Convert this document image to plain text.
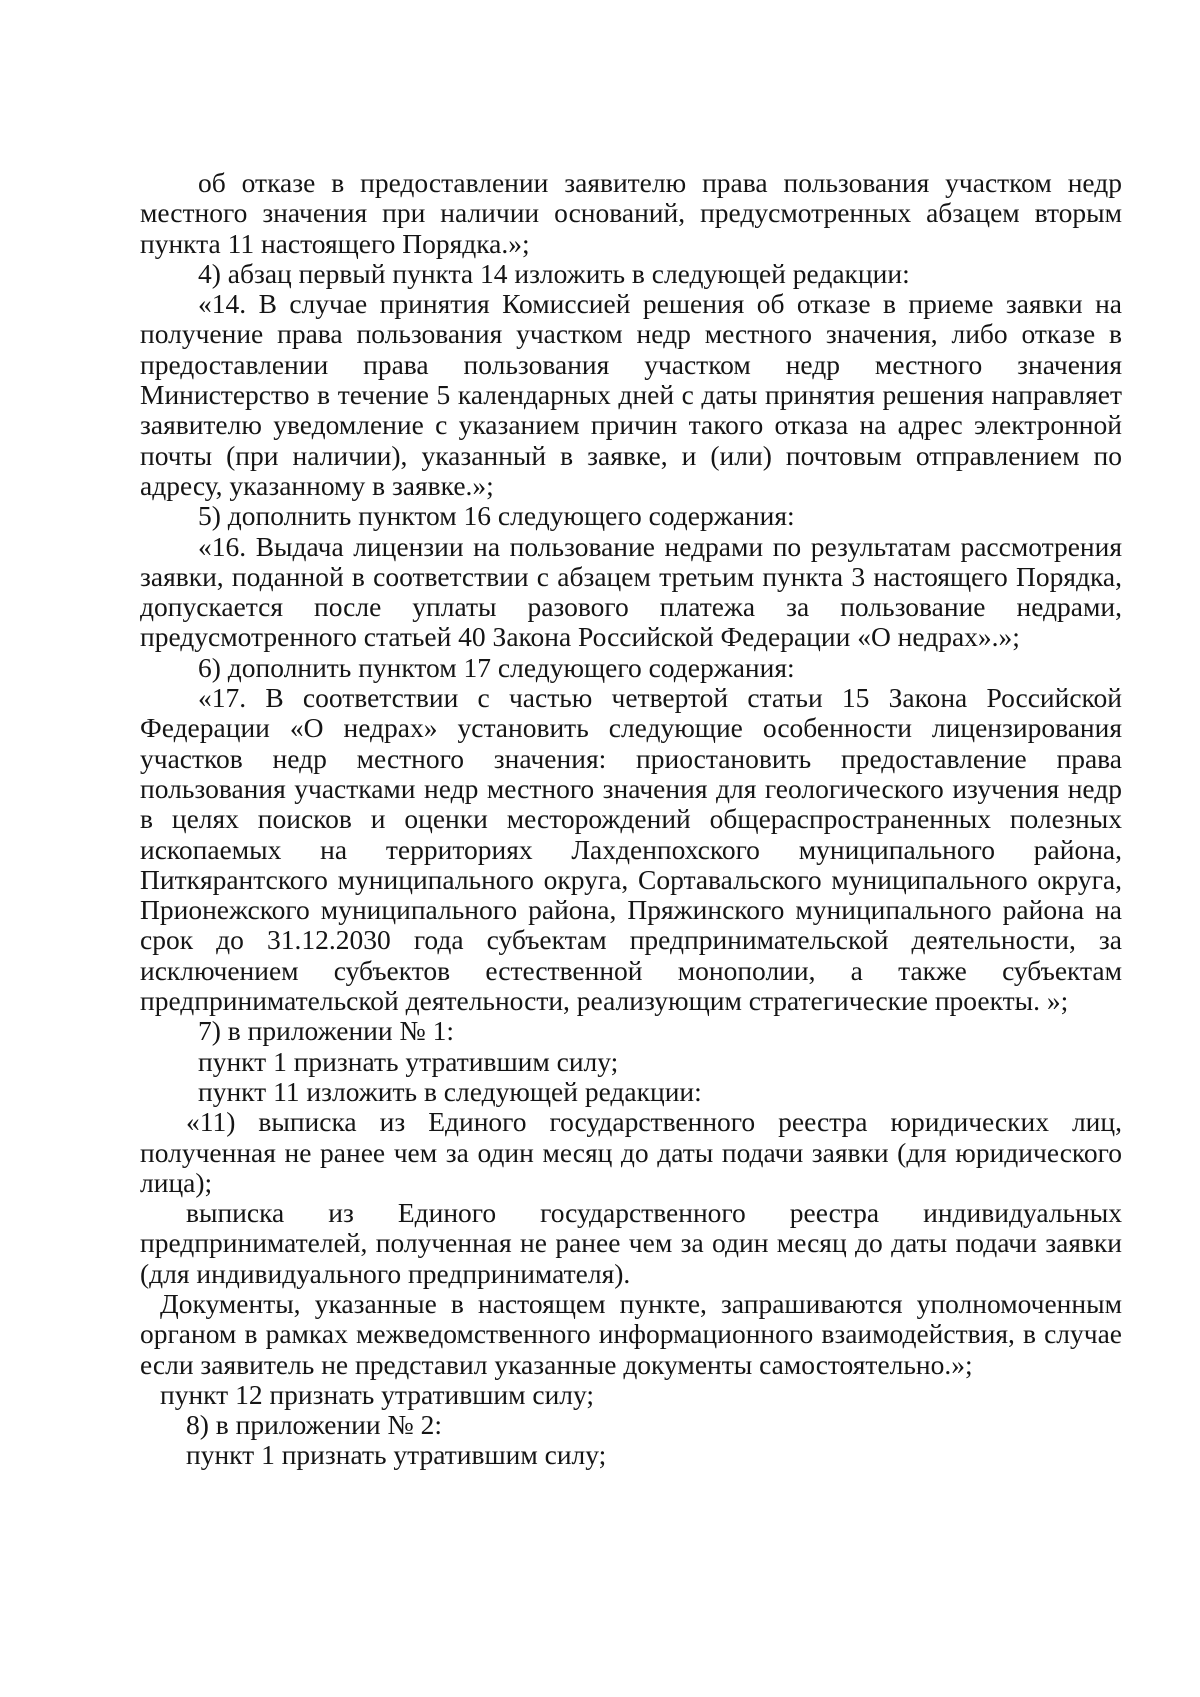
об отказе в предоставлении заявителю права пользования участком недр местного значения при наличии оснований, предусмотренных абзацем вторым пункта 11 настоящего Порядка.»;

4) абзац первый пункта 14 изложить в следующей редакции:

«14. В случае принятия Комиссией решения об отказе в приеме заявки на получение права пользования участком недр местного значения, либо отказе в предоставлении права пользования участком недр местного значения Министерство в течение 5 календарных дней с даты принятия решения направляет заявителю уведомление с указанием причин такого отказа на адрес электронной почты (при наличии), указанный в заявке, и (или) почтовым отправлением по адресу, указанному в заявке.»;

5) дополнить пунктом 16 следующего содержания:

«16. Выдача лицензии на пользование недрами по результатам рассмотрения заявки, поданной в соответствии с абзацем третьим пункта 3 настоящего Порядка, допускается после уплаты разового платежа за пользование недрами, предусмотренного статьей 40 Закона Российской Федерации «О недрах».»;

6) дополнить пунктом 17 следующего содержания:

«17. В соответствии с частью четвертой статьи 15 Закона Российской Федерации «О недрах» установить следующие особенности лицензирования участков недр местного значения: приостановить предоставление права пользования участками недр местного значения для геологического изучения недр в целях поисков и оценки месторождений общераспространенных полезных ископаемых на территориях Лахденпохского муниципального района, Питкярантского муниципального округа, Сортавальского муниципального округа, Прионежского муниципального района, Пряжинского муниципального района на срок до 31.12.2030 года субъектам предпринимательской деятельности, за исключением субъектов естественной монополии, а также субъектам предпринимательской деятельности, реализующим стратегические проекты. »;

7) в приложении № 1:

пункт 1 признать утратившим силу;

пункт 11 изложить в следующей редакции:

«11) выписка из Единого государственного реестра юридических лиц, полученная не ранее чем за один месяц до даты подачи заявки (для юридического лица);

выписка из Единого государственного реестра индивидуальных предпринимателей, полученная не ранее чем за один месяц до даты подачи заявки (для индивидуального предпринимателя).

Документы, указанные в настоящем пункте, запрашиваются уполномоченным органом в рамках межведомственного информационного взаимодействия, в случае если заявитель не представил указанные документы самостоятельно.»;

пункт 12 признать утратившим силу;

8) в приложении № 2:

пункт 1 признать утратившим силу;
